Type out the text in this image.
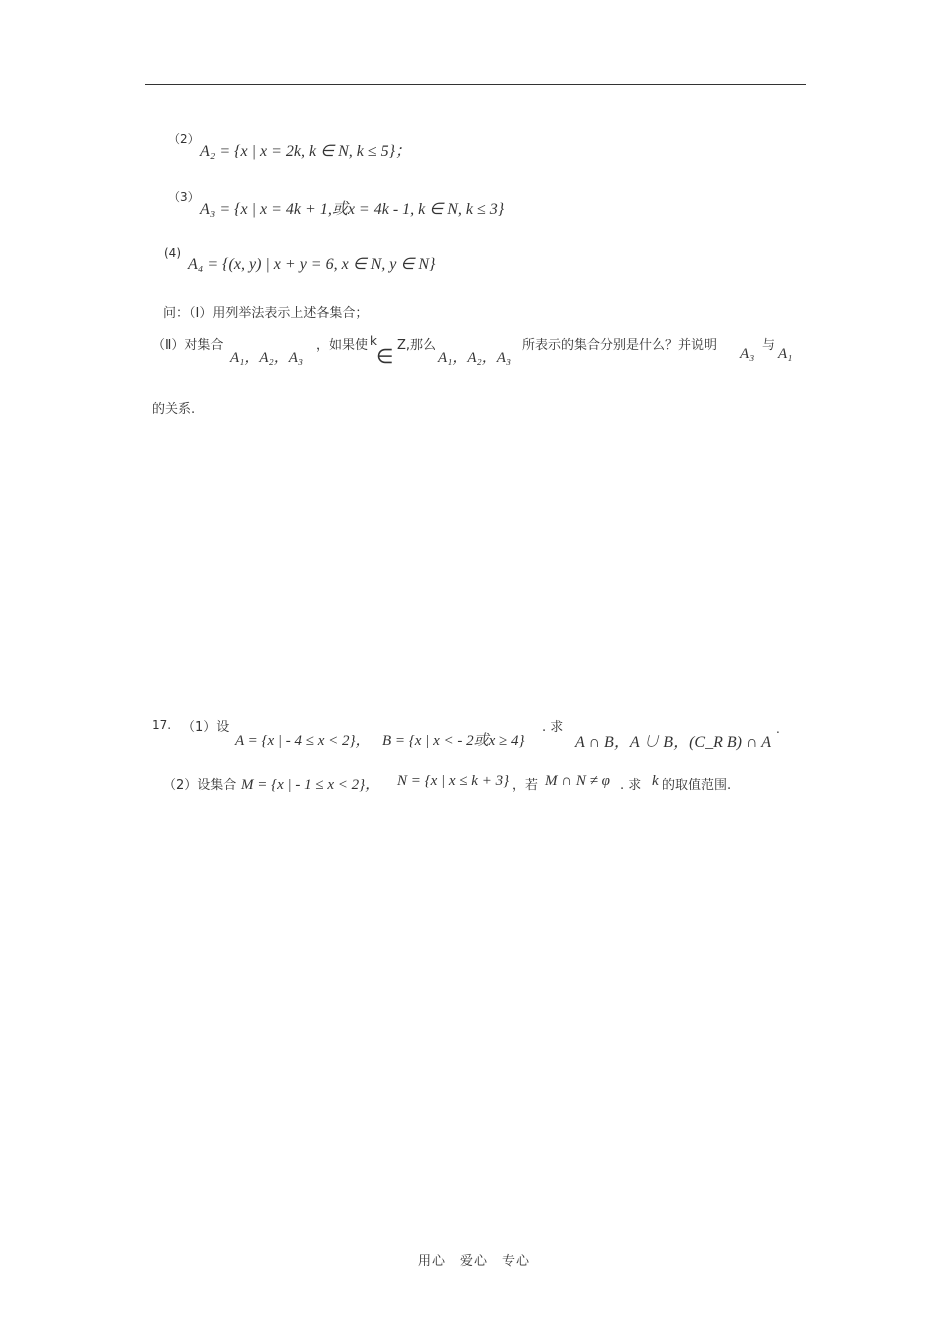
（2）
A₂ = {x | x = 2k, k ∈ N, k ≤ 5}；
（3）
A₃ = {x | x = 4k + 1,或x = 4k - 1, k ∈ N, k ≤ 3}
(4)
A₄ = {(x, y) | x + y = 6, x ∈ N, y ∈ N}
问：（Ⅰ）用列举法表示上述各集合；
（Ⅱ）对集合
A₁，A₂，A₃
，如果使 k
∈
Z,那么
A₁，A₂，A₃
所表示的集合分别是什么？并说明
A₃
与
A₁
的关系.
17. （1）设
A = {x | - 4 ≤ x < 2}， B = {x | x < - 2或x ≥ 4}
. 求
A ∩ B，A ∪ B，(C_R B) ∩ A
.
（2）设集合 M = {x | - 1 ≤ x < 2}， N = {x | x ≤ k + 3} ，若 M ∩ N ≠ φ . 求 k 的取值范围.
用心　爱心　专心
